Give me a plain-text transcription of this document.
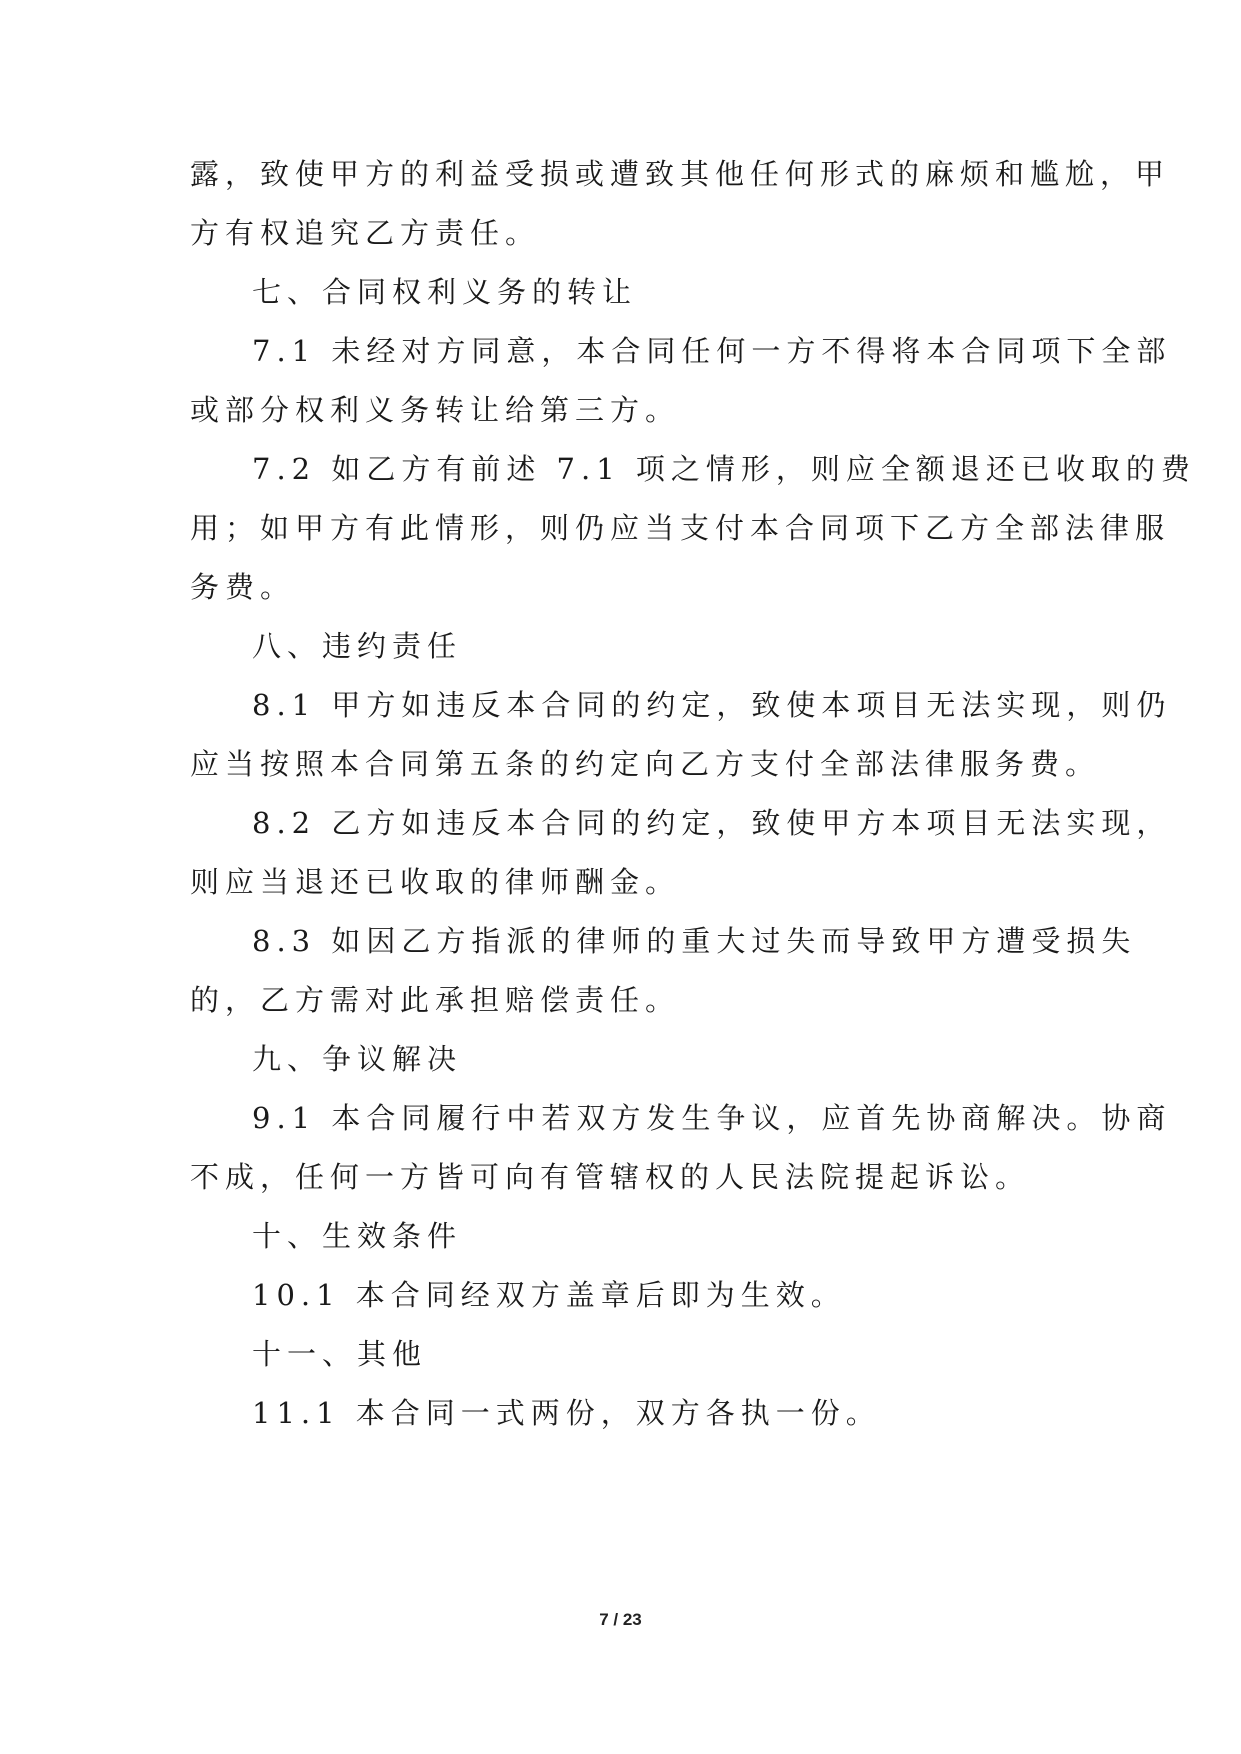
露，致使甲方的利益受损或遭致其他任何形式的麻烦和尴尬，甲
方有权追究乙方责任。
七、合同权利义务的转让
7.1 未经对方同意，本合同任何一方不得将本合同项下全部
或部分权利义务转让给第三方。
7.2 如乙方有前述 7.1 项之情形，则应全额退还已收取的费
用；如甲方有此情形，则仍应当支付本合同项下乙方全部法律服
务费。
八、违约责任
8.1 甲方如违反本合同的约定，致使本项目无法实现，则仍
应当按照本合同第五条的约定向乙方支付全部法律服务费。
8.2 乙方如违反本合同的约定，致使甲方本项目无法实现，
则应当退还已收取的律师酬金。
8.3 如因乙方指派的律师的重大过失而导致甲方遭受损失
的，乙方需对此承担赔偿责任。
九、争议解决
9.1 本合同履行中若双方发生争议，应首先协商解决。协商
不成，任何一方皆可向有管辖权的人民法院提起诉讼。
十、生效条件
10.1 本合同经双方盖章后即为生效。
十一、其他
11.1 本合同一式两份，双方各执一份。
7 / 23
